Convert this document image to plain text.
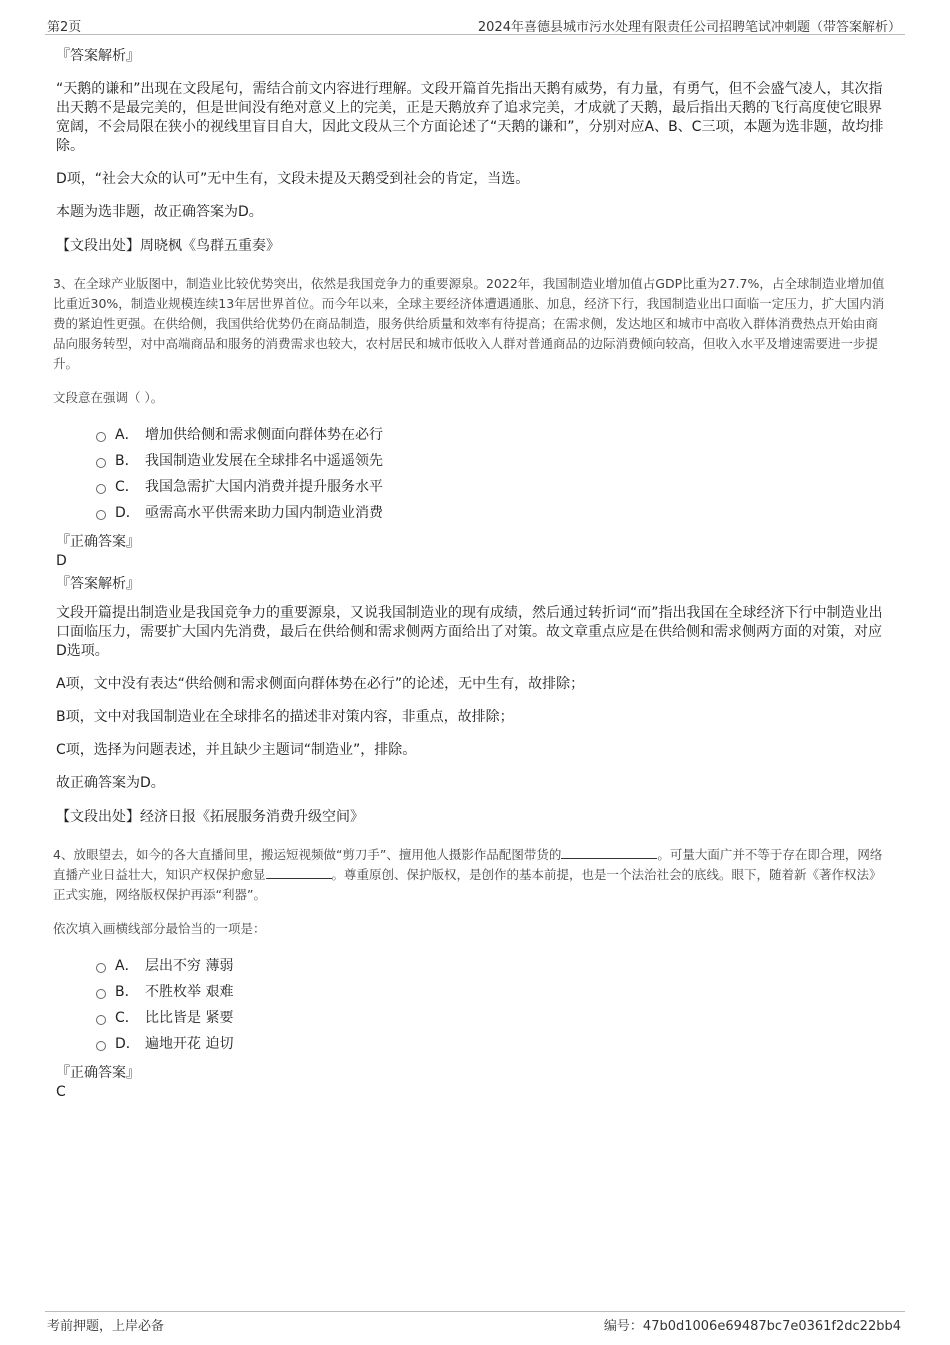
第2页	2024年喜德县城市污水处理有限责任公司招聘笔试冲刺题（带答案解析）
『答案解析』
“天鹅的谦和”出现在文段尾句，需结合前文内容进行理解。文段开篇首先指出天鹅有威势，有力量，有勇气，但不会盛气凌人，其次指出天鹅不是最完美的，但是世间没有绝对意义上的完美，正是天鹅放弃了追求完美，才成就了天鹅，最后指出天鹅的飞行高度使它眼界宽阔，不会局限在狭小的视线里盲目自大，因此文段从三个方面论述了“天鹅的谦和”，分别对应A、B、C三项，本题为选非题，故均排除。
D项，“社会大众的认可”无中生有，文段未提及天鹅受到社会的肯定，当选。
本题为选非题，故正确答案为D。
【文段出处】周晓枫《鸟群五重奏》
3、在全球产业版图中，制造业比较优势突出，依然是我国竞争力的重要源泉。2022年，我国制造业增加值占GDP比重为27.7%，占全球制造业增加值比重近30%，制造业规模连续13年居世界首位。而今年以来，全球主要经济体遭遇通胀、加息，经济下行，我国制造业出口面临一定压力，扩大国内消费的紧迫性更强。在供给侧，我国供给优势仍在商品制造，服务供给质量和效率有待提高；在需求侧，发达地区和城市中高收入群体消费热点开始由商品向服务转型，对中高端商品和服务的消费需求也较大，农村居民和城市低收入人群对普通商品的边际消费倾向较高，但收入水平及增速需要进一步提升。
文段意在强调（ ）。
A． 增加供给侧和需求侧面向群体势在必行
B． 我国制造业发展在全球排名中遥遥领先
C． 我国急需扩大国内消费并提升服务水平
D． 亟需高水平供需来助力国内制造业消费
『正确答案』
D
『答案解析』
文段开篇提出制造业是我国竞争力的重要源泉，又说我国制造业的现有成绩，然后通过转折词“而”指出我国在全球经济下行中制造业出口面临压力，需要扩大国内先消费，最后在供给侧和需求侧两方面给出了对策。故文章重点应是在供给侧和需求侧两方面的对策，对应D选项。
A项，文中没有表达“供给侧和需求侧面向群体势在必行”的论述，无中生有，故排除；
B项，文中对我国制造业在全球排名的描述非对策内容，非重点，故排除；
C项，选择为问题表述，并且缺少主题词“制造业”，排除。
故正确答案为D。
【文段出处】经济日报《拓展服务消费升级空间》
4、放眼望去，如今的各大直播间里，搬运短视频做“剪刀手”、擅用他人摄影作品配图带货的	。可量大面广并不等于存在即合理，网络直播产业日益壮大，知识产权保护愈显	。尊重原创、保护版权，是创作的基本前提，也是一个法治社会的底线。眼下，随着新《著作权法》正式实施，网络版权保护再添“利器”。
依次填入画横线部分最恰当的一项是：
A． 层出不穷 薄弱
B． 不胜枚举 艰难
C． 比比皆是 紧要
D． 遍地开花 迫切
『正确答案』
C
考前押题，上岸必备	编号：47b0d1006e69487bc7e0361f2dc22bb4
